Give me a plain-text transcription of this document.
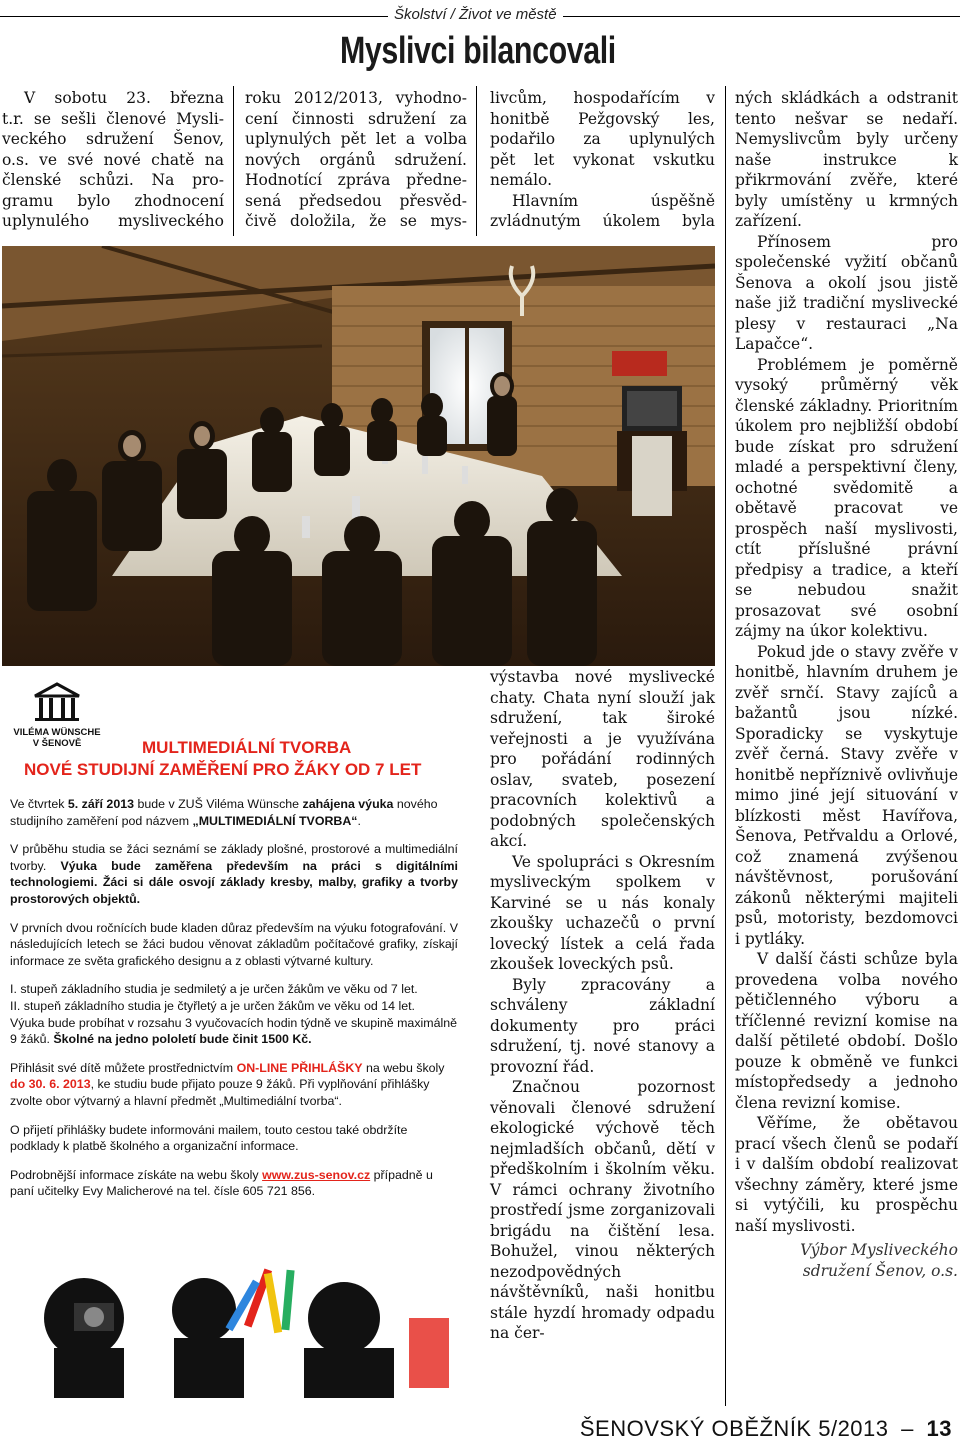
Školství / Život ve městě
Myslivci bilancovali
V sobotu 23. března
t.r. se sešli členové Mysli-
veckého sdružení Šenov,
o.s. ve své nové chatě na
členské schůzi. Na pro-
gramu bylo zhodnocení
uplynulého mysliveckého
roku 2012/2013, vyhodno-
cení činnosti sdružení za
uplynulých pět let a volba
nových orgánů sdružení.
Hodnotící zpráva předne-
sená předsedou přesvěd-
čivě doložila, že se mys-
livcům, hospodařícím v
honitbě Pežgovský les,
podařilo za uplynulých
pět let vykonat vskutku
nemálo.
Hlavním úspěšně
zvládnutým úkolem byla
VILÉMA WÜNSCHE
V ŠENOVĚ	MULTIMEDIÁLNÍ TVORBA
NOVÉ STUDIJNÍ ZAMĚŘENÍ PRO ŽÁKY OD 7 LET

Ve čtvrtek 5. září 2013 bude v ZUŠ Viléma Wünsche zahájena výuka nového studijního zaměření pod názvem „MULTIMEDIÁLNÍ TVORBA“.

V průběhu studia se žáci seznámí se základy plošné, prostorové a multimediální tvorby. Výuka bude zaměřena především na práci s digitálními technologiemi. Žáci si dále osvojí základy kresby, malby, grafiky a tvorby prostorových objektů.

V prvních dvou ročnících bude kladen důraz především na výuku fotografování. V následujících letech se žáci budou věnovat základům počítačové grafiky, získají informace ze světa grafického designu a z oblasti výtvarné kultury.

I. stupeň základního studia je sedmiletý a je určen žákům ve věku od 7 let.
II. stupeň základního studia je čtyřletý a je určen žákům ve věku od 14 let.
Výuka bude probíhat v rozsahu 3 vyučovacích hodin týdně ve skupině maximálně 9 žáků. Školné na jedno pololetí bude činit 1500 Kč.

Přihlásit své dítě můžete prostřednictvím ON-LINE PŘIHLÁŠKY na webu školy do 30. 6. 2013, ke studiu bude přijato pouze 9 žáků. Při vyplňování přihlášky zvolte obor výtvarný a hlavní předmět „Multimediální tvorba“.

O přijetí přihlášky budete informováni mailem, touto cestou také obdržíte podklady k platbě školného a organizační informace.

Podrobnější informace získáte na webu školy www.zus-senov.cz případně u paní učitelky Evy Malicherové na tel. čísle 605 721 856.

výstavba nové myslivecké chaty. Chata nyní slouží jak sdružení, tak široké veřejnosti a je využívána pro pořádání rodinných oslav, svateb, posezení pracovních kolektivů a podobných společenských akcí.

Ve spolupráci s Okresním mysliveckým spolkem v Karviné se u nás konaly zkoušky uchazečů o první lovecký lístek a celá řada zkoušek loveckých psů.

Byly zpracovány a schváleny základní dokumenty pro práci sdružení, tj. nové stanovy a provozní řád.

Značnou pozornost věnovali členové sdružení ekologické výchově těch nejmladších občanů, dětí v předškolním i školním věku. V rámci ochrany životního prostředí jsme zorganizovali brigádu na čištění lesa. Bohužel, vinou některých nezodpovědných návštěvníků, naši honitbu stále hyzdí hromady odpadu na čer-

ných skládkách a odstranit tento nešvar se nedaří. Nemyslivcům byly určeny naše instrukce k přikrmování zvěře, které byly umístěny u krmných zařízení.

Přínosem pro společenské vyžití občanů Šenova a okolí jsou jistě naše již tradiční myslivecké plesy v restauraci „Na Lapačce“.

Problémem je poměrně vysoký průměrný věk členské základny. Prioritním úkolem pro nejbližší období bude získat pro sdružení mladé a perspektivní členy, ochotné svědomitě a obětavě pracovat ve prospěch naší myslivosti, ctít příslušné právní předpisy a tradice, a kteří se nebudou snažit prosazovat své osobní zájmy na úkor kolektivu.

Pokud jde o stavy zvěře v honitbě, hlavním druhem je zvěř srnčí. Stavy zajíců a bažantů jsou nízké. Sporadicky se vyskytuje zvěř černá. Stavy zvěře v honitbě nepříznivě ovlivňuje mimo jiné její situování v blízkosti měst Havířova, Šenova, Petřvaldu a Orlové, což znamená zvýšenou návštěvnost, porušování zákonů některými majiteli psů, motoristy, bezdomovci i pytláky.

V další části schůze byla provedena volba nového pětičlenného výboru a tříčlenné revizní komise na další pětileté období. Došlo pouze k obměně ve funkci místopředsedy a jednoho člena revizní komise.

Věříme, že obětavou prací všech členů se podaří i v dalším období realizovat všechny záměry, které jsme si vytýčili, ku prospěchu naší myslivosti.

Výbor Mysliveckého
sdružení Šenov, o.s.
ŠENOVSKÝ OBĚŽNÍK 5/2013 – 13
